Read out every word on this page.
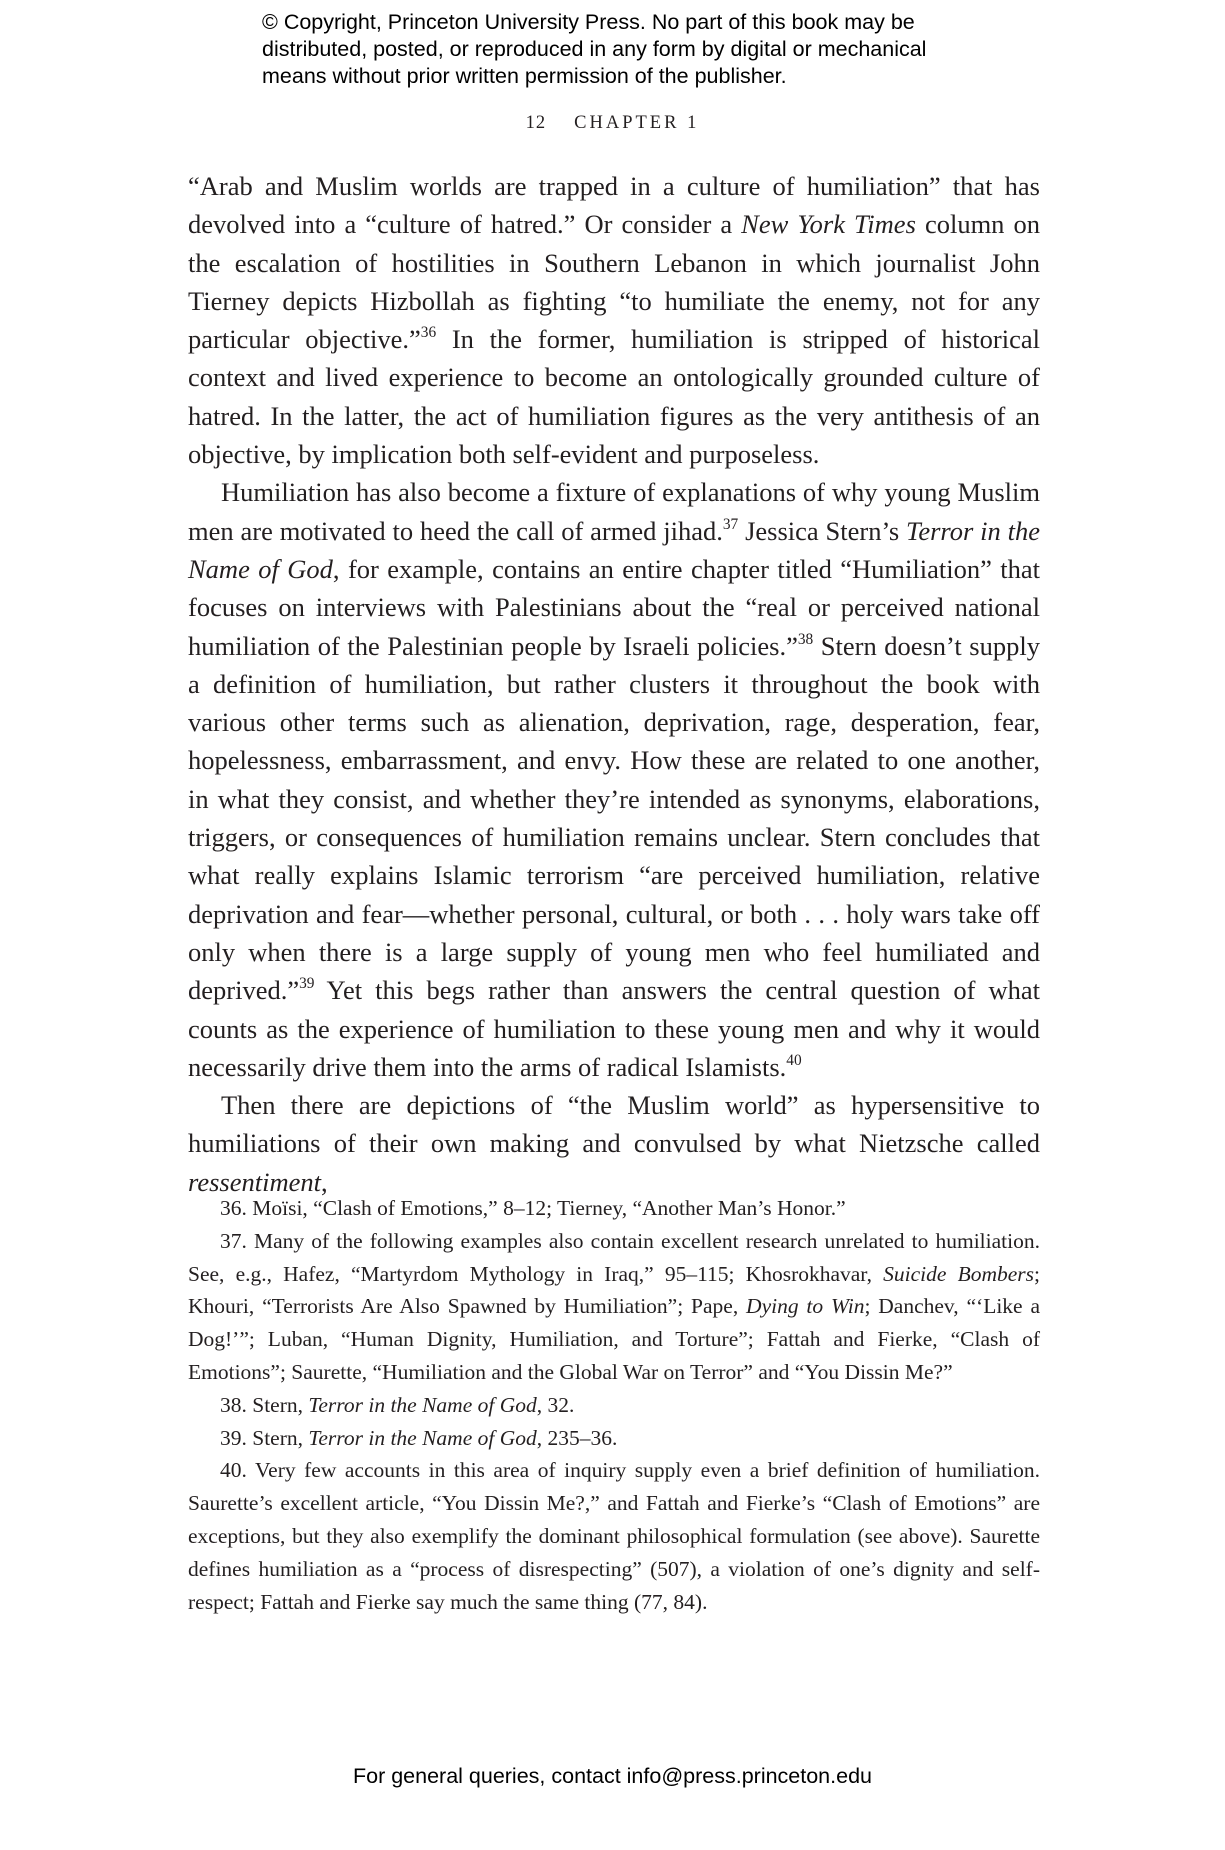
© Copyright, Princeton University Press. No part of this book may be
distributed, posted, or reproduced in any form by digital or mechanical
means without prior written permission of the publisher.
12 CHAPTER 1

“Arab and Muslim worlds are trapped in a culture of humiliation” that has devolved into a “culture of hatred.” Or consider a New York Times column on the escalation of hostilities in Southern Lebanon in which journalist John Tierney depicts Hizbollah as fighting “to humiliate the enemy, not for any particular objective.”$^{36}$ In the former, humiliation is stripped of historical context and lived experience to become an ontologically grounded culture of hatred. In the latter, the act of humiliation figures as the very antithesis of an objective, by implication both self-evident and purposeless.

Humiliation has also become a fixture of explanations of why young Muslim men are motivated to heed the call of armed jihad.$^{37}$ Jessica Stern’s Terror in the Name of God, for example, contains an entire chapter titled “Humiliation” that focuses on interviews with Palestinians about the “real or perceived national humiliation of the Palestinian people by Israeli policies.”$^{38}$ Stern doesn’t supply a definition of humiliation, but rather clusters it throughout the book with various other terms such as alienation, deprivation, rage, desperation, fear, hopelessness, embarrassment, and envy. How these are related to one another, in what they consist, and whether they’re intended as synonyms, elaborations, triggers, or consequences of humiliation remains unclear. Stern concludes that what really explains Islamic terrorism “are perceived humiliation, relative deprivation and fear—whether personal, cultural, or both . . . holy wars take off only when there is a large supply of young men who feel humiliated and deprived.”$^{39}$ Yet this begs rather than answers the central question of what counts as the experience of humiliation to these young men and why it would necessarily drive them into the arms of radical Islamists.$^{40}$

Then there are depictions of “the Muslim world” as hypersensitive to humiliations of their own making and convulsed by what Nietzsche called ressentiment,

36. Moïsi, “Clash of Emotions,” 8–12; Tierney, “Another Man’s Honor.”

37. Many of the following examples also contain excellent research unrelated to humiliation. See, e.g., Hafez, “Martyrdom Mythology in Iraq,” 95–115; Khosrokhavar, Suicide Bombers; Khouri, “Terrorists Are Also Spawned by Humiliation”; Pape, Dying to Win; Danchev, “‘Like a Dog!’”; Luban, “Human Dignity, Humiliation, and Torture”; Fattah and Fierke, “Clash of Emotions”; Saurette, “Humiliation and the Global War on Terror” and “You Dissin Me?”

38. Stern, Terror in the Name of God, 32.

39. Stern, Terror in the Name of God, 235–36.

40. Very few accounts in this area of inquiry supply even a brief definition of humiliation. Saurette’s excellent article, “You Dissin Me?,” and Fattah and Fierke’s “Clash of Emotions” are exceptions, but they also exemplify the dominant philosophical formulation (see above). Saurette defines humiliation as a “process of disrespecting” (507), a violation of one’s dignity and self-respect; Fattah and Fierke say much the same thing (77, 84).

For general queries, contact info@press.princeton.edu
